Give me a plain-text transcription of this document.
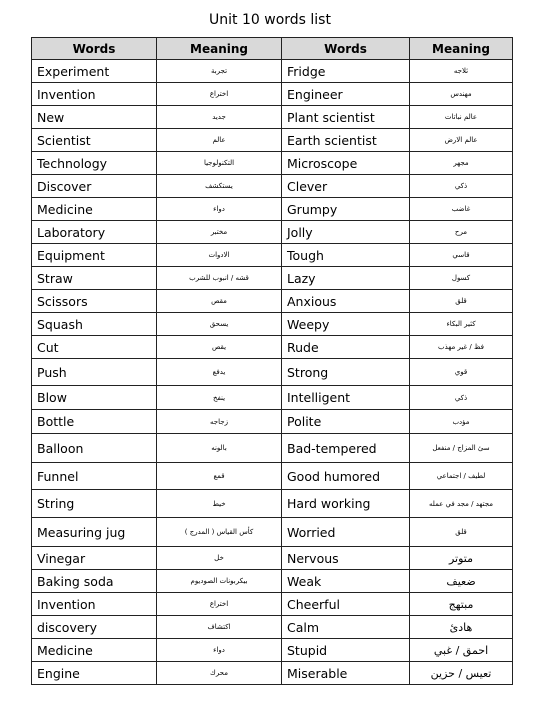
Unit 10 words list
Words	Meaning	Words	Meaning
Experiment	تجربة	Fridge	ثلاجه
Invention	اختراع	Engineer	مهندس
New	جديد	Plant scientist	عالم نباتات
Scientist	عالم	Earth scientist	عالم الارض
Technology	التكنولوجيا	Microscope	مجهر
Discover	يستكشف	Clever	ذكي
Medicine	دواء	Grumpy	غاضب
Laboratory	مختبر	Jolly	مرح
Equipment	الادوات	Tough	قاسي
Straw	قشه / انبوب للشرب	Lazy	كسول
Scissors	مقص	Anxious	قلق
Squash	يسحق	Weepy	كثير البكاء
Cut	يقص	Rude	فظ / غير مهذب
Push	يدفع	Strong	قوي
Blow	ينفخ	Intelligent	ذكي
Bottle	زجاجه	Polite	مؤدب
Balloon	بالونه	Bad-tempered	سئ المزاج / منفعل
Funnel	قمع	Good humored	لطيف / اجتماعي
String	خيط	Hard working	مجتهد / مجد في عمله
Measuring jug	كأس القياس ( المدرج )	Worried	قلق
Vinegar	خل	Nervous	متوتر
Baking soda	بيكربونات الصوديوم	Weak	ضعيف
Invention	اختراع	Cheerful	مبتهج
discovery	اكتشاف	Calm	هادئ
Medicine	دواء	Stupid	احمق / غبي
Engine	محرك	Miserable	تعيس / حزين
